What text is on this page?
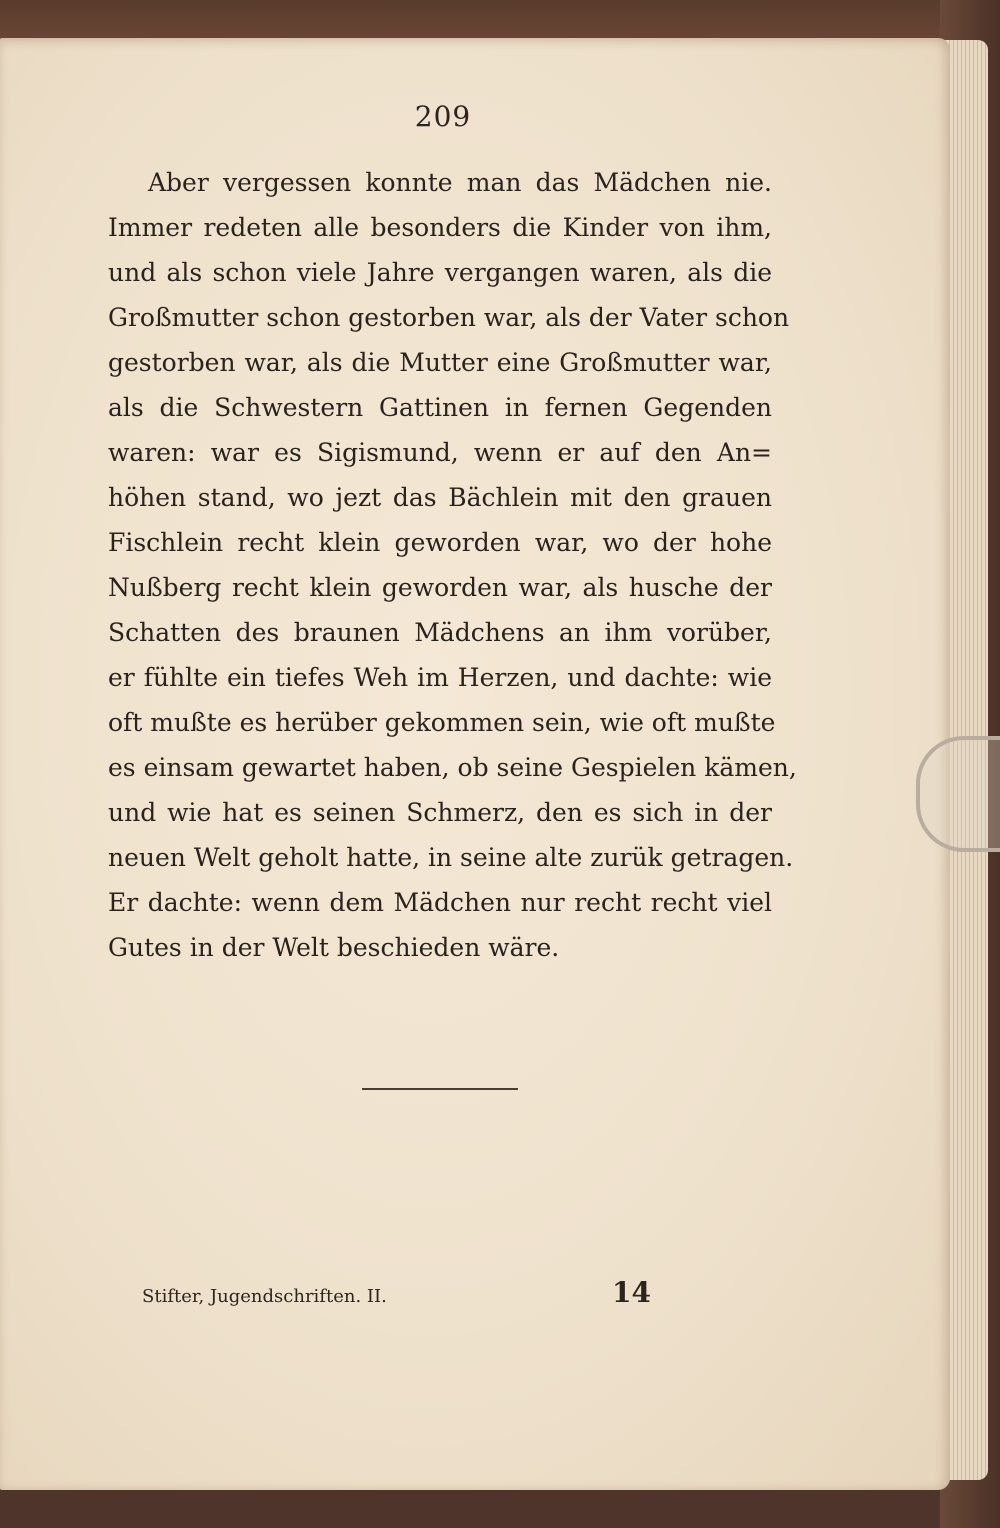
209
Aber vergessen konnte man das Mädchen nie.
Immer redeten alle besonders die Kinder von ihm,
und als schon viele Jahre vergangen waren, als die
Großmutter schon gestorben war, als der Vater schon
gestorben war, als die Mutter eine Großmutter war,
als die Schwestern Gattinen in fernen Gegenden
waren: war es Sigismund, wenn er auf den An=
höhen stand, wo jezt das Bächlein mit den grauen
Fischlein recht klein geworden war, wo der hohe
Nußberg recht klein geworden war, als husche der
Schatten des braunen Mädchens an ihm vorüber,
er fühlte ein tiefes Weh im Herzen, und dachte: wie
oft mußte es herüber gekommen sein, wie oft mußte
es einsam gewartet haben, ob seine Gespielen kämen,
und wie hat es seinen Schmerz, den es sich in der
neuen Welt geholt hatte, in seine alte zurük getragen.
Er dachte: wenn dem Mädchen nur recht recht viel
Gutes in der Welt beschieden wäre.
Stifter, Jugendschriften. II.	14
